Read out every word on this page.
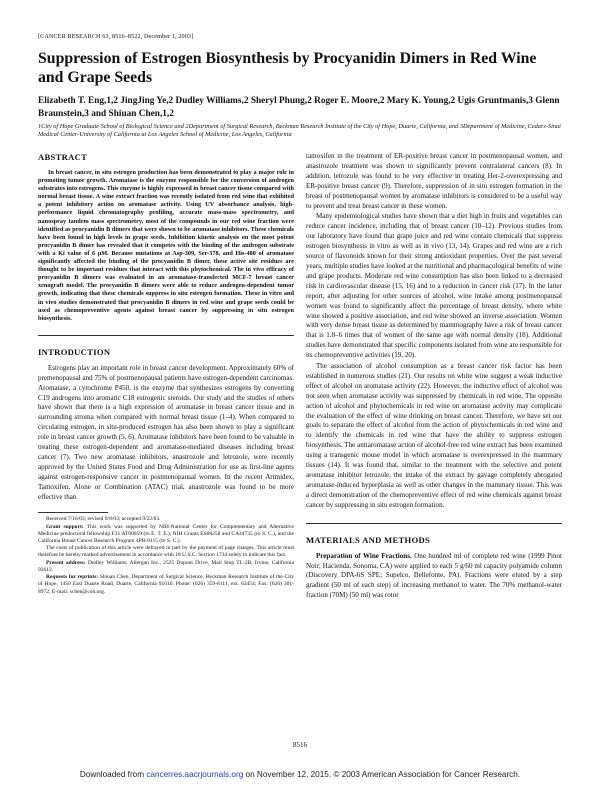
[CANCER RESEARCH 63, 8516–8522, December 1, 2003]
Suppression of Estrogen Biosynthesis by Procyanidin Dimers in Red Wine and Grape Seeds
Elizabeth T. Eng,1,2 JingJing Ye,2 Dudley Williams,2 Sheryl Phung,2 Roger E. Moore,2 Mary K. Young,2 Ugis Gruntmanis,3 Glenn Braunstein,3 and Shiuan Chen,1,2
1City of Hope Graduate School of Biological Science and 2Department of Surgical Research, Beckman Research Institute of the City of Hope, Duarte, California, and 3Department of Medicine, Cedars-Sinai Medical Center-University of California at Los Angeles School of Medicine, Los Angeles, California
ABSTRACT

In breast cancer, in situ estrogen production has been demonstrated to play a major role in promoting tumor growth. Aromatase is the enzyme responsible for the conversion of androgen substrates into estrogens. This enzyme is highly expressed in breast cancer tissue compared with normal breast tissue. A wine extract fraction was recently isolated from red wine that exhibited a potent inhibitory action on aromatase activity. Using UV absorbance analysis, high-performance liquid chromatography profiling, accurate mass-mass spectrometry, and nanospray tandem mass spectrometry, most of the compounds in our red wine fraction were identified as procyanidin B dimers that were shown to be aromatase inhibitors. These chemicals have been found in high levels in grape seeds. Inhibition kinetic analysis on the most potent procyanidin B dimer has revealed that it competes with the binding of the androgen substrate with a Ki value of 6 μM. Because mutations at Asp-309, Ser-378, and His-480 of aromatase significantly affected the binding of the procyanidin B dimer, these active site residues are thought to be important residues that interact with this phytochemical. The in vivo efficacy of procyanidin B dimers was evaluated in an aromatase-transfected MCF-7 breast cancer xenograft model. The procyanidin B dimers were able to reduce androgen-dependent tumor growth, indicating that these chemicals suppress in situ estrogen formation. These in vitro and in vivo studies demonstrated that procyanidin B dimers in red wine and grape seeds could be used as chemopreventive agents against breast cancer by suppressing in situ estrogen biosynthesis.

INTRODUCTION

Estrogens play an important role in breast cancer development. Approximately 60% of premenopausal and 75% of postmenopausal patients have estrogen-dependent carcinomas. Aromatase, a cytochrome P450, is the enzyme that synthesizes estrogens by converting C19 androgens into aromatic C18 estrogenic steroids. Our study and the studies of others have shown that there is a high expression of aromatase in breast cancer tissue and in surrounding stroma when compared with normal breast tissue (1–4). When compared to circulating estrogen, in situ-produced estrogen has also been shown to play a significant role in breast cancer growth (5, 6). Aromatase inhibitors have been found to be valuable in treating these estrogen-dependent and aromatase-mediated diseases including breast cancer (7). Two new aromatase inhibitors, anastrozole and letrozole, were recently approved by the United States Food and Drug Administration for use as first-line agents against estrogen-responsive cancer in postmenopausal women. In the recent Arimidex, Tamoxifen, Alone or Combination (ATAC) trial, anastrozole was found to be more effective than

Received 7/16/03; revised 9/8/03; accepted 9/22/03.

Grant support: This work was supported by NIH-National Center for Complementary and Alternative Medicine predoctoral fellowship F31 AT00059 (to E. T. E.), NIH Grants ES08258 and CA44735 (to S. C.), and the California Breast Cancer Research Program 4PB-0115 (to S. C.).

The costs of publication of this article were defrayed in part by the payment of page charges. This article must therefore be hereby marked advertisement in accordance with 18 U.S.C. Section 1734 solely to indicate this fact.

Present address: Dudley Williams, Allergan Inc., 2525 Dupont Drive, Mail Stop TL-2B, Irvine, California 92612.

Requests for reprints: Shiuan Chen, Department of Surgical Science, Beckman Research Institute of the City of Hope, 1450 East Duarte Road, Duarte, California 91010. Phone: (626) 359-8111, ext. 63454; Fax: (626) 301-8972; E-mail: schen@coh.org.

tamoxifen in the treatment of ER-positive breast cancer in postmenopausal women, and anastrozole treatment was shown to significantly prevent contralateral cancers (8). In addition, letrozole was found to be very effective in treating Her-2-overexpressing and ER-positive breast cancer (9). Therefore, suppression of in situ estrogen formation in the breast of postmenopausal women by aromatase inhibitors is considered to be a useful way to prevent and treat breast cancer in these women.

Many epidemiological studies have shown that a diet high in fruits and vegetables can reduce cancer incidence, including that of breast cancer (10–12). Previous studies from our laboratory have found that grape juice and red wine contain chemicals that suppress estrogen biosynthesis in vitro as well as in vivo (13, 14). Grapes and red wine are a rich source of flavonoids known for their strong antioxidant properties. Over the past several years, multiple studies have looked at the nutritional and pharmacological benefits of wine and grape products. Moderate red wine consumption has also been linked to a decreased risk in cardiovascular disease (15, 16) and to a reduction in cancer risk (17). In the latter report, after adjusting for other sources of alcohol, wine intake among postmenopausal women was found to significantly affect the percentage of breast density, where white wine showed a positive association, and red wine showed an inverse association. Women with very dense breast tissue as determined by mammography have a risk of breast cancer that is 1.8–6 times that of women of the same age with normal density (18). Additional studies have demonstrated that specific components isolated from wine are responsible for its chemopreventive activities (19, 20).

The association of alcohol consumption as a breast cancer risk factor has been established in numerous studies (21). Our results on white wine suggest a weak inductive effect of alcohol on aromatase activity (22). However, the inductive effect of alcohol was not seen when aromatase activity was suppressed by chemicals in red wine. The opposite action of alcohol and phytochemicals in red wine on aromatase activity may complicate the evaluation of the effect of wine drinking on breast cancer. Therefore, we have set our goals to separate the effect of alcohol from the action of phytochemicals in red wine and to identify the chemicals in red wine that have the ability to suppress estrogen biosynthesis. The antiaromatase action of alcohol-free red wine extract has been examined using a transgenic mouse model in which aromatase is overexpressed in the mammary tissues (14). It was found that, similar to the treatment with the selective and potent aromatase inhibitor letrozole, the intake of the extract by gavage completely abrogated aromatase-induced hyperplasia as well as other changes in the mammary tissue. This was a direct demonstration of the chemopreventive effect of red wine chemicals against breast cancer by suppressing in situ estrogen formation.

MATERIALS AND METHODS

Preparation of Wine Fractions. One hundred ml of complete red wine (1999 Pinot Noir; Hacienda, Sonoma, CA) were applied to each 5 g/60 ml capacity polyamide column (Discovery DPA-6S SPE; Supelco, Bellefonte, PA). Fractions were eluted by a step gradient (50 ml of each step) of increasing methanol to water. The 70% methanol-water fraction (70M) (50 ml) was rotor

8516
Downloaded from cancerres.aacrjournals.org on November 12, 2015. © 2003 American Association for Cancer Research.
